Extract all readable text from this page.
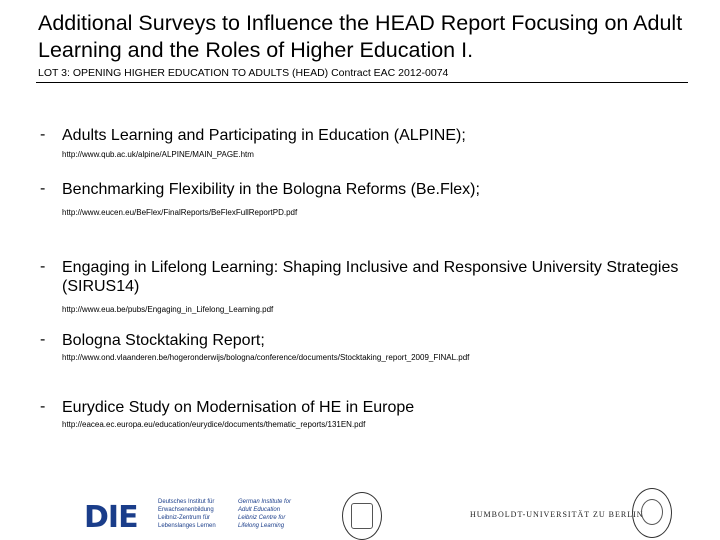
Additional Surveys to Influence the HEAD Report Focusing on Adult Learning and the Roles of Higher Education I.
LOT 3: OPENING HIGHER EDUCATION TO ADULTS (HEAD) Contract EAC 2012-0074
- Adults Learning and Participating in Education (ALPINE);
http://www.qub.ac.uk/alpine/ALPINE/MAIN_PAGE.htm
- Benchmarking Flexibility in the Bologna Reforms (Be.Flex);
http://www.eucen.eu/BeFlex/FinalReports/BeFlexFullReportPD.pdf
- Engaging in Lifelong Learning: Shaping Inclusive and Responsive University Strategies (SIRUS14)
http://www.eua.be/pubs/Engaging_in_Lifelong_Learning.pdf
- Bologna Stocktaking Report;
http://www.ond.vlaanderen.be/hogeronderwijs/bologna/conference/documents/Stocktaking_report_2009_FINAL.pdf
- Eurydice Study on Modernisation of HE in Europe
http://eacea.ec.europa.eu/education/eurydice/documents/thematic_reports/131EN.pdf
DIE	Deutsches Institut für
Erwachsenenbildung
Leibniz-Zentrum für
Lebenslanges Lernen
German Institute for
Adult Education
Leibniz Centre for
Lifelong Learning
HUMBOLDT-UNIVERSITÄT ZU BERLIN
